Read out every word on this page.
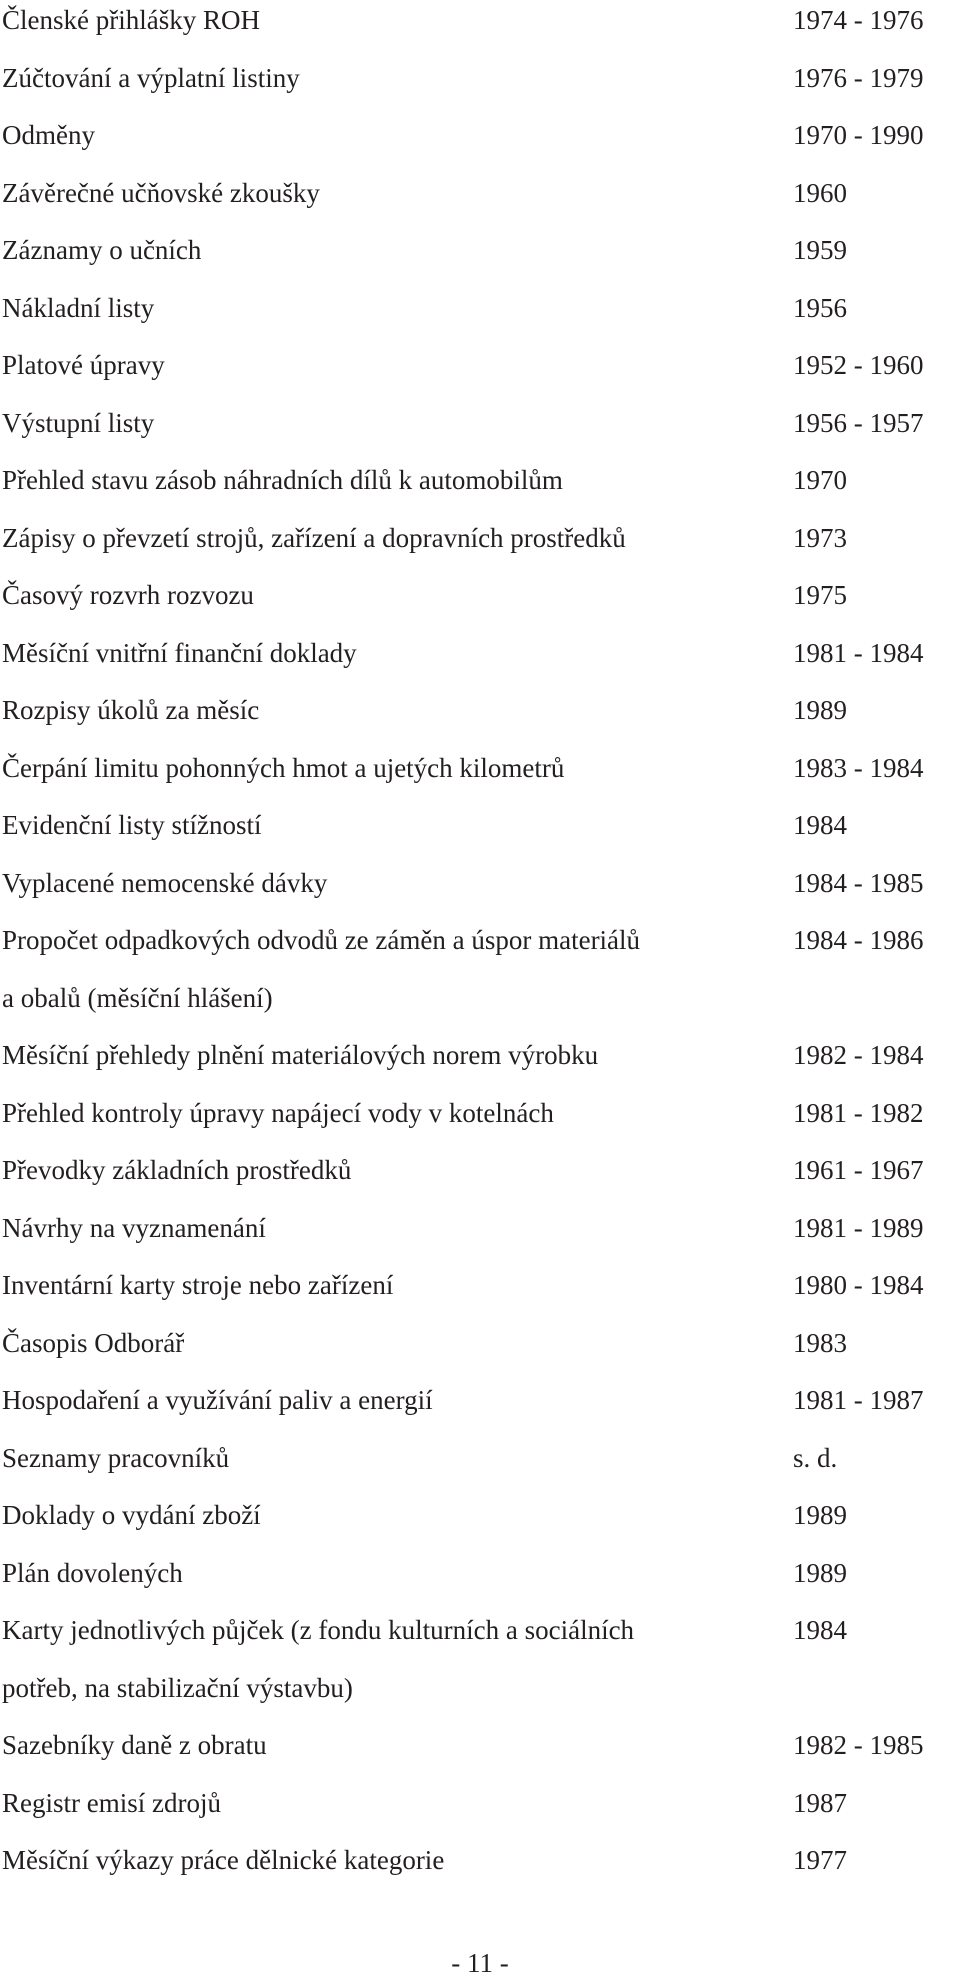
Členské přihlášky ROH	1974 - 1976
Zúčtování a výplatní listiny	1976 - 1979
Odměny	1970 - 1990
Závěrečné učňovské zkoušky	1960
Záznamy o učních	1959
Nákladní listy	1956
Platové úpravy	1952 - 1960
Výstupní listy	1956 - 1957
Přehled stavu zásob náhradních dílů k automobilům	1970
Zápisy o převzetí strojů, zařízení a dopravních prostředků	1973
Časový rozvrh rozvozu	1975
Měsíční vnitřní finanční doklady	1981 - 1984
Rozpisy úkolů za měsíc	1989
Čerpání limitu pohonných hmot a ujetých kilometrů	1983 - 1984
Evidenční listy stížností	1984
Vyplacené nemocenské dávky	1984 - 1985
Propočet odpadkových odvodů ze záměn a úspor materiálů	1984 - 1986
a obalů (měsíční hlášení)
Měsíční přehledy plnění materiálových norem výrobku	1982 - 1984
Přehled kontroly úpravy napájecí vody v kotelnách	1981 - 1982
Převodky základních prostředků	1961 - 1967
Návrhy na vyznamenání	1981 - 1989
Inventární karty stroje nebo zařízení	1980 - 1984
Časopis Odborář	1983
Hospodaření a využívání paliv a energií	1981 - 1987
Seznamy pracovníků	s. d.
Doklady o vydání zboží	1989
Plán dovolených	1989
Karty jednotlivých půjček (z fondu kulturních a sociálních	1984
potřeb, na stabilizační výstavbu)
Sazebníky daně z obratu	1982 - 1985
Registr emisí zdrojů	1987
Měsíční výkazy práce dělnické kategorie	1977
- 11 -
